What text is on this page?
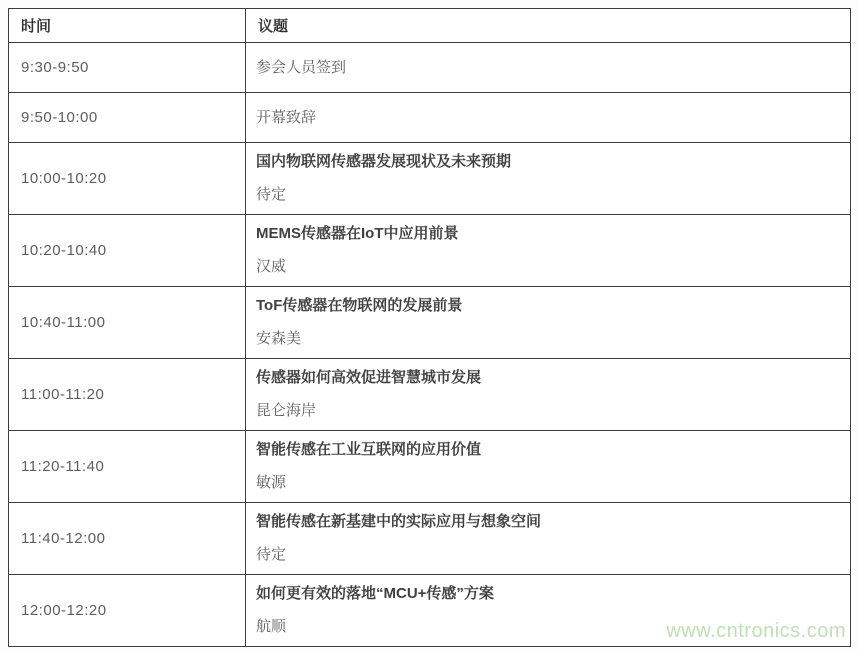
时间	议题
9:30-9:50	参会人员签到

9:50-10:00	开幕致辞

10:00-10:20	国内物联网传感器发展现状及未来预期
待定

10:20-10:40	MEMS传感器在IoT中应用前景
汉威

10:40-11:00	ToF传感器在物联网的发展前景
安森美

11:00-11:20	传感器如何高效促进智慧城市发展
昆仑海岸

11:20-11:40	智能传感在工业互联网的应用价值
敏源

11:40-12:00	智能传感在新基建中的实际应用与想象空间
待定

12:00-12:20	如何更有效的落地“MCU+传感”方案
航顺	www.cntronics.com
